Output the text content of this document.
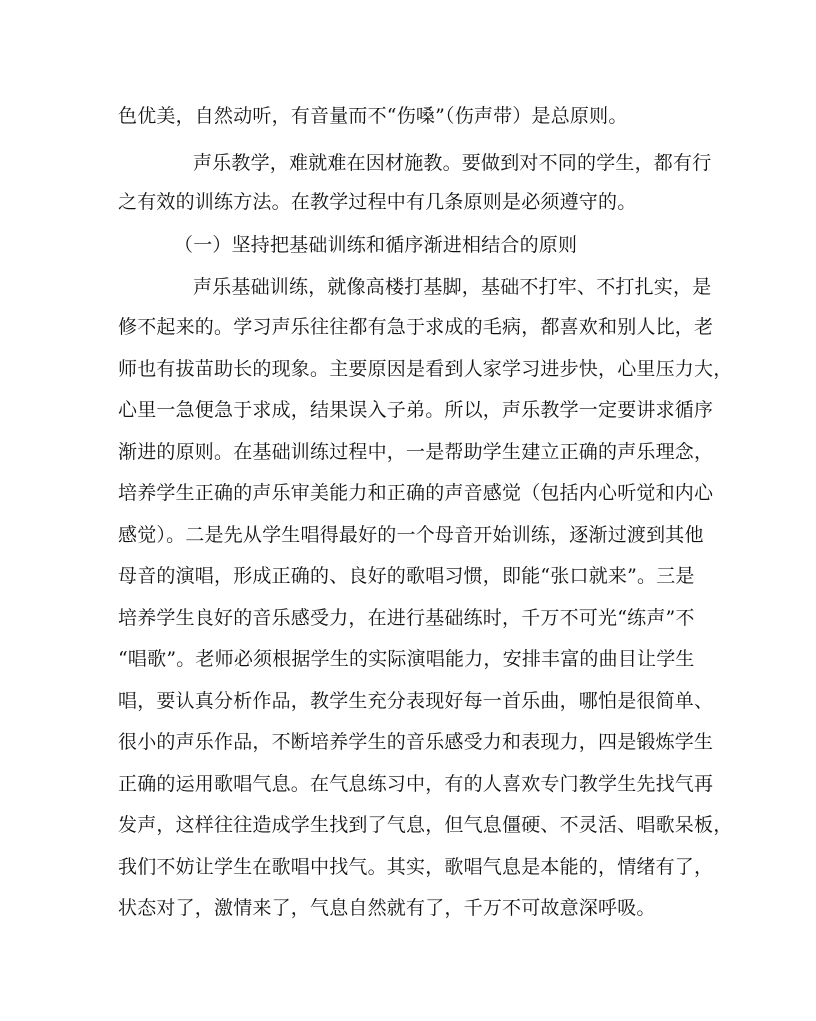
色优美，自然动听，有音量而不“伤嗓”（伤声带）是总原则。
声乐教学，难就难在因材施教。要做到对不同的学生，都有行
之有效的训练方法。在教学过程中有几条原则是必须遵守的。
（一）坚持把基础训练和循序渐进相结合的原则
声乐基础训练，就像高楼打基脚，基础不打牢、不打扎实，是
修不起来的。学习声乐往往都有急于求成的毛病，都喜欢和别人比，老
师也有拔苗助长的现象。主要原因是看到人家学习进步快，心里压力大，
心里一急便急于求成，结果误入子弟。所以，声乐教学一定要讲求循序
渐进的原则。在基础训练过程中，一是帮助学生建立正确的声乐理念，
培养学生正确的声乐审美能力和正确的声音感觉（包括内心听觉和内心
感觉）。二是先从学生唱得最好的一个母音开始训练，逐渐过渡到其他
母音的演唱，形成正确的、良好的歌唱习惯，即能“张口就来”。三是
培养学生良好的音乐感受力，在进行基础练时，千万不可光“练声”不
“唱歌”。老师必须根据学生的实际演唱能力，安排丰富的曲目让学生
唱，要认真分析作品，教学生充分表现好每一首乐曲，哪怕是很简单、
很小的声乐作品，不断培养学生的音乐感受力和表现力，四是锻炼学生
正确的运用歌唱气息。在气息练习中，有的人喜欢专门教学生先找气再
发声，这样往往造成学生找到了气息，但气息僵硬、不灵活、唱歌呆板，
我们不妨让学生在歌唱中找气。其实，歌唱气息是本能的，情绪有了，
状态对了，激情来了，气息自然就有了，千万不可故意深呼吸。
